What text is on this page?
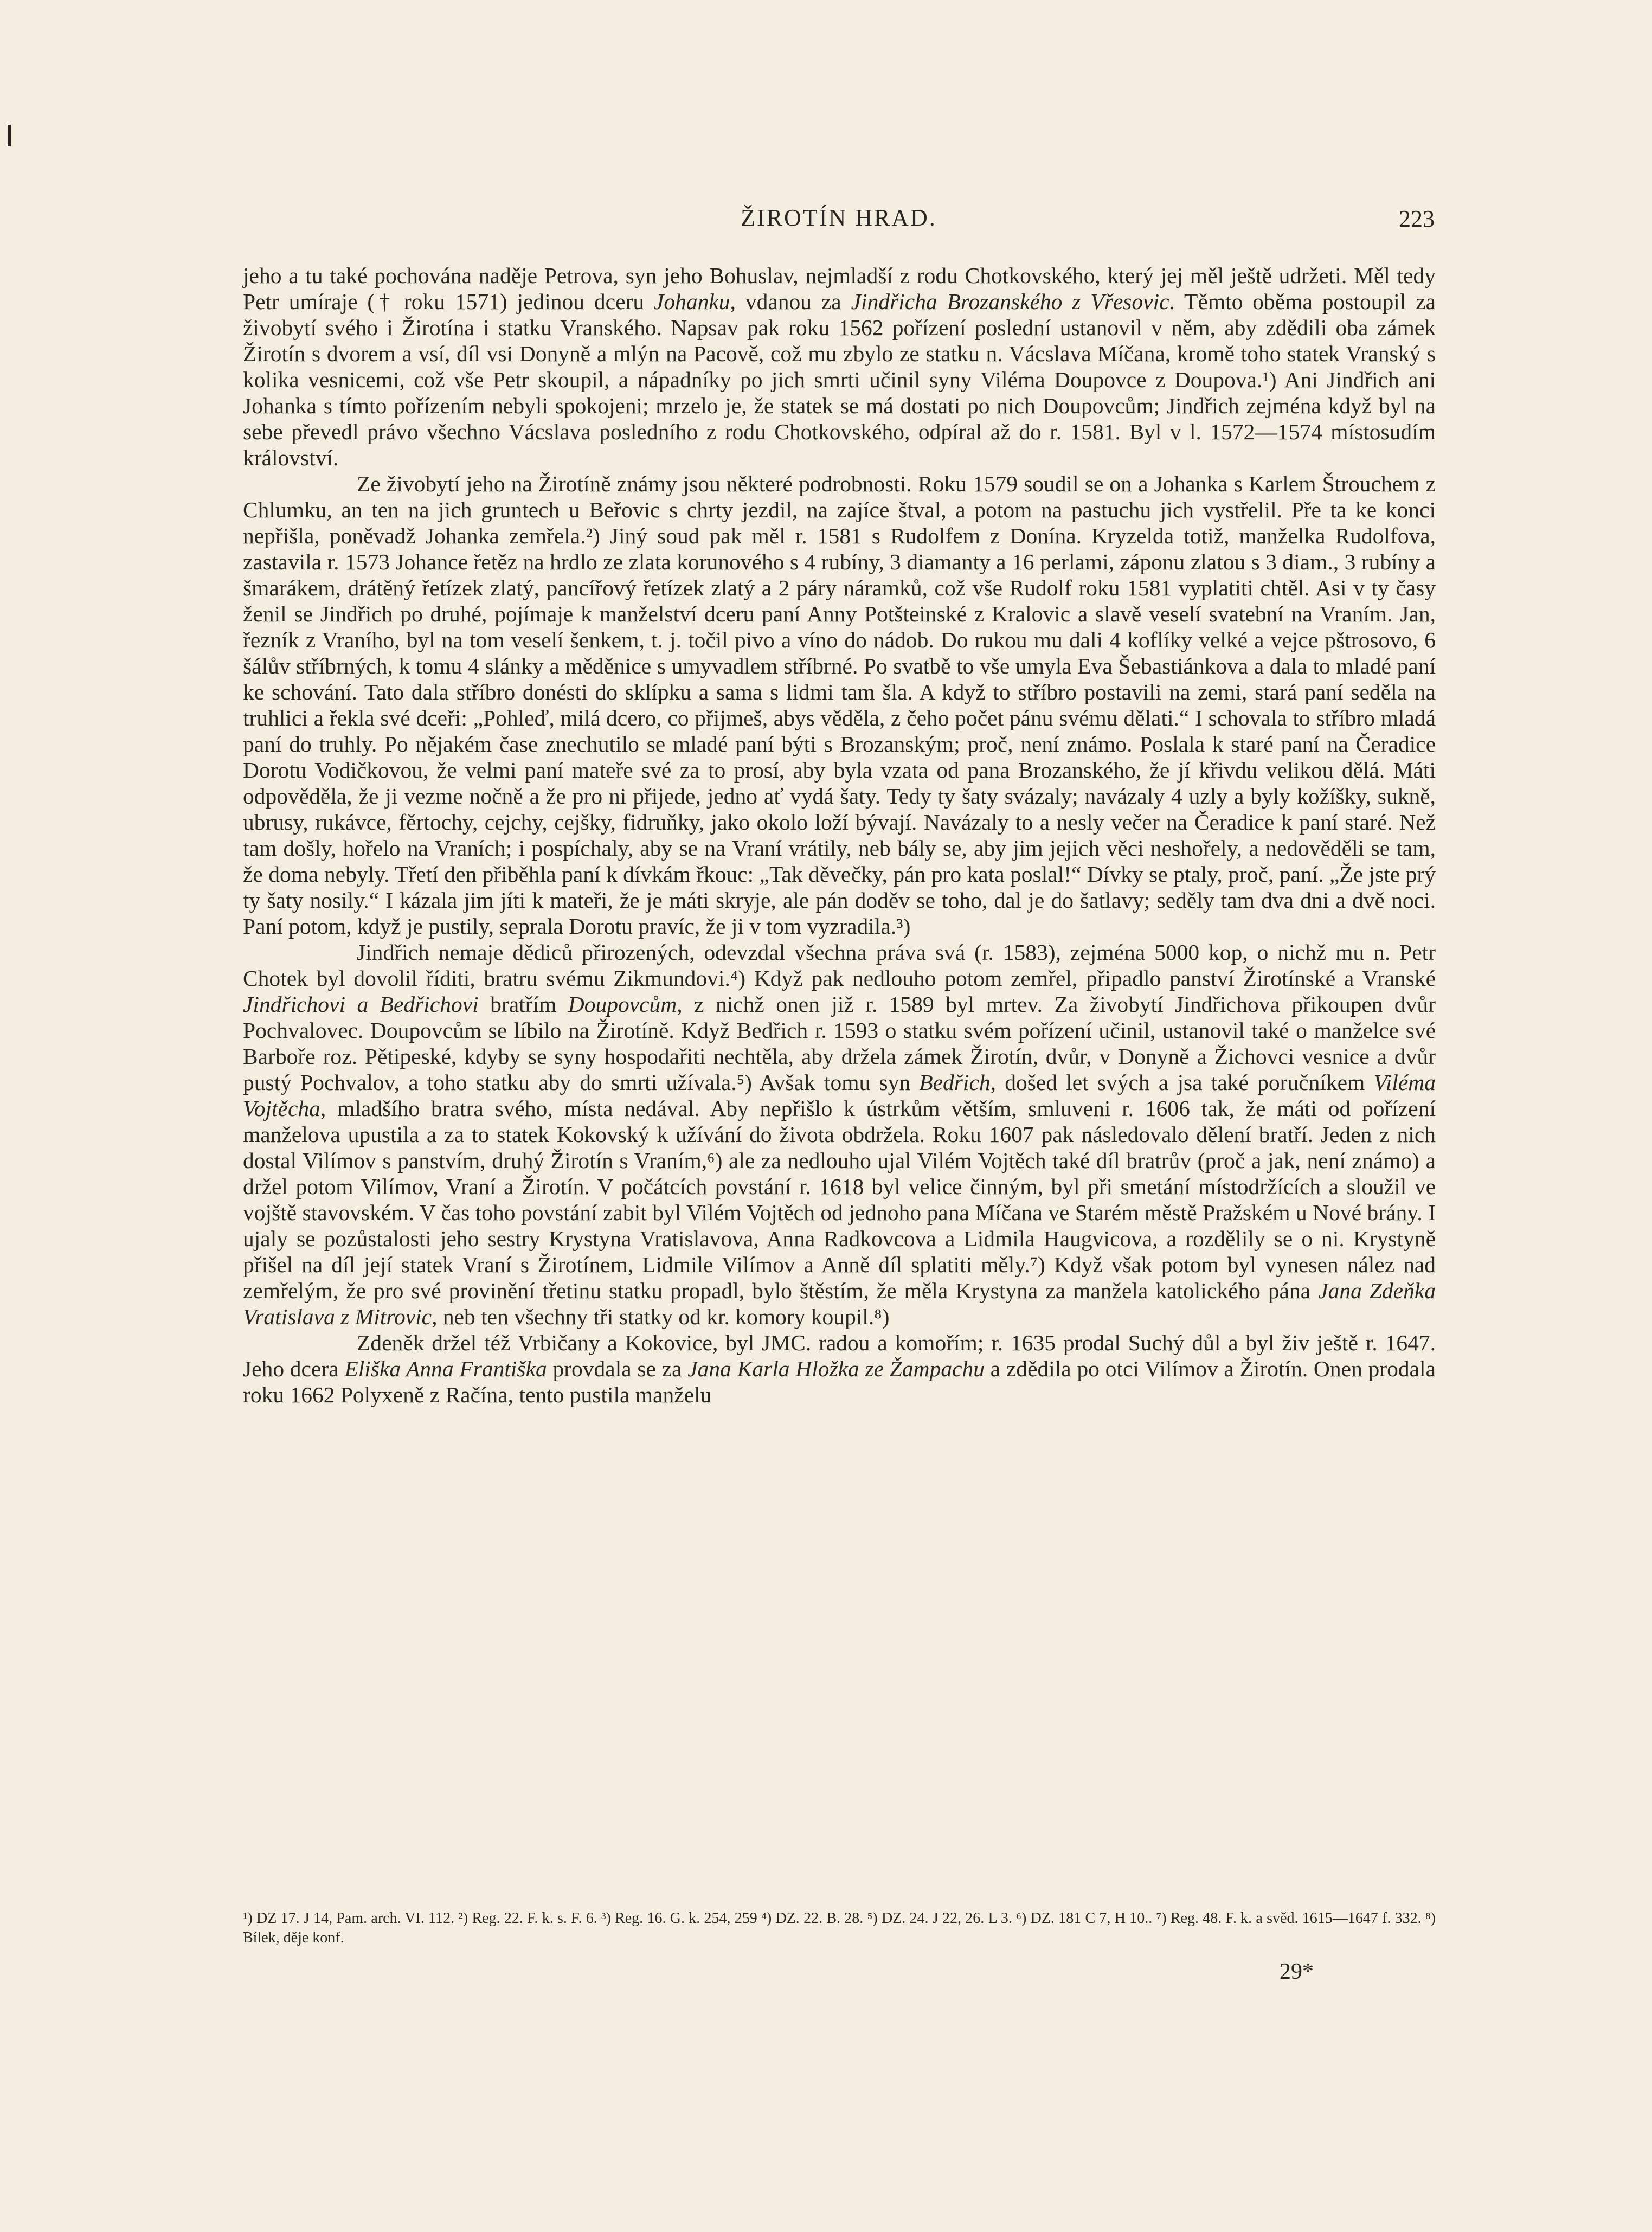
ŽIROTÍN HRAD.	223

jeho a tu také pochována naděje Petrova, syn jeho Bohuslav, nejmladší z rodu Chotkovského, který jej měl ještě udržeti. Měl tedy Petr umíraje († roku 1571) jedinou dceru Johanku, vdanou za Jindřicha Brozanského z Vřesovic. Těmto oběma postoupil za živobytí svého i Žirotína i statku Vranského. Napsav pak roku 1562 pořízení poslední ustanovil v něm, aby zdědili oba zámek Žirotín s dvorem a vsí, díl vsi Donyně a mlýn na Pacově, což mu zbylo ze statku n. Vácslava Míčana, kromě toho statek Vranský s kolika vesnicemi, což vše Petr skoupil, a nápadníky po jich smrti učinil syny Viléma Doupovce z Doupova.¹) Ani Jindřich ani Johanka s tímto pořízením nebyli spokojeni; mrzelo je, že statek se má dostati po nich Doupovcům; Jindřich zejména když byl na sebe převedl právo všechno Vácslava posledního z rodu Chotkovského, odpíral až do r. 1581. Byl v l. 1572—1574 místosudím království.

Ze živobytí jeho na Žirotíně známy jsou některé podrobnosti. Roku 1579 soudil se on a Johanka s Karlem Štrouchem z Chlumku, an ten na jich gruntech u Beřovic s chrty jezdil, na zajíce štval, a potom na pastuchu jich vystřelil. Pře ta ke konci nepřišla, poněvadž Johanka zemřela.²) Jiný soud pak měl r. 1581 s Rudolfem z Donína. Kryzelda totiž, manželka Rudolfova, zastavila r. 1573 Johance řetěz na hrdlo ze zlata korunového s 4 rubíny, 3 diamanty a 16 perlami, záponu zlatou s 3 diam., 3 rubíny a šmarákem, drátěný řetízek zlatý, pancířový řetízek zlatý a 2 páry náramků, což vše Rudolf roku 1581 vyplatiti chtěl. Asi v ty časy ženil se Jindřich po druhé, pojímaje k manželství dceru paní Anny Potšteinské z Kralovic a slavě veselí svatební na Vraním. Jan, řezník z Vraního, byl na tom veselí šenkem, t. j. točil pivo a víno do nádob. Do rukou mu dali 4 koflíky velké a vejce pštrosovo, 6 šálův stříbrných, k tomu 4 slánky a měděnice s umyvadlem stříbrné. Po svatbě to vše umyla Eva Šebastiánkova a dala to mladé paní ke schování. Tato dala stříbro donésti do sklípku a sama s lidmi tam šla. A když to stříbro postavili na zemi, stará paní seděla na truhlici a řekla své dceři: „Pohleď, milá dcero, co přijmeš, abys věděla, z čeho počet pánu svému dělati.“ I schovala to stříbro mladá paní do truhly. Po nějakém čase znechutilo se mladé paní býti s Brozanským; proč, není známo. Poslala k staré paní na Čeradice Dorotu Vodičkovou, že velmi paní mateře své za to prosí, aby byla vzata od pana Brozanského, že jí křivdu velikou dělá. Máti odpověděla, že ji vezme nočně a že pro ni přijede, jedno ať vydá šaty. Tedy ty šaty svázaly; navázaly 4 uzly a byly kožíšky, sukně, ubrusy, rukávce, fěrtochy, cejchy, cejšky, fidruňky, jako okolo loží bývají. Navázaly to a nesly večer na Čeradice k paní staré. Než tam došly, hořelo na Vraních; i pospíchaly, aby se na Vraní vrátily, neb bály se, aby jim jejich věci neshořely, a nedověděli se tam, že doma nebyly. Třetí den přiběhla paní k dívkám řkouc: „Tak děvečky, pán pro kata poslal!“ Dívky se ptaly, proč, paní. „Že jste prý ty šaty nosily.“ I kázala jim jíti k mateři, že je máti skryje, ale pán doděv se toho, dal je do šatlavy; seděly tam dva dni a dvě noci. Paní potom, když je pustily, seprala Dorotu pravíc, že ji v tom vyzradila.³)

Jindřich nemaje dědiců přirozených, odevzdal všechna práva svá (r. 1583), zejména 5000 kop, o nichž mu n. Petr Chotek byl dovolil říditi, bratru svému Zikmundovi.⁴) Když pak nedlouho potom zemřel, připadlo panství Žirotínské a Vranské Jindřichovi a Bedřichovi bratřím Doupovcům, z nichž onen již r. 1589 byl mrtev. Za živobytí Jindřichova přikoupen dvůr Pochvalovec. Doupovcům se líbilo na Žirotíně. Když Bedřich r. 1593 o statku svém pořízení učinil, ustanovil také o manželce své Barboře roz. Pětipeské, kdyby se syny hospodařiti nechtěla, aby držela zámek Žirotín, dvůr, v Donyně a Žichovci vesnice a dvůr pustý Pochvalov, a toho statku aby do smrti užívala.⁵) Avšak tomu syn Bedřich, došed let svých a jsa také poručníkem Viléma Vojtěcha, mladšího bratra svého, místa nedával. Aby nepřišlo k ústrkům větším, smluveni r. 1606 tak, že máti od pořízení manželova upustila a za to statek Kokovský k užívání do života obdržela. Roku 1607 pak následovalo dělení bratří. Jeden z nich dostal Vilímov s panstvím, druhý Žirotín s Vraním,⁶) ale za nedlouho ujal Vilém Vojtěch také díl bratrův (proč a jak, není známo) a držel potom Vilímov, Vraní a Žirotín. V počátcích povstání r. 1618 byl velice činným, byl při smetání místodržících a sloužil ve vojště stavovském. V čas toho povstání zabit byl Vilém Vojtěch od jednoho pana Míčana ve Starém městě Pražském u Nové brány. I ujaly se pozůstalosti jeho sestry Krystyna Vratislavova, Anna Radkovcova a Lidmila Haugvicova, a rozdělily se o ni. Krystyně přišel na díl její statek Vraní s Žirotínem, Lidmile Vilímov a Anně díl splatiti měly.⁷) Když však potom byl vynesen nález nad zemřelým, že pro své provinění třetinu statku propadl, bylo štěstím, že měla Krystyna za manžela katolického pána Jana Zdeňka Vratislava z Mitrovic, neb ten všechny tři statky od kr. komory koupil.⁸)

Zdeněk držel též Vrbičany a Kokovice, byl JMC. radou a komořím; r. 1635 prodal Suchý důl a byl živ ještě r. 1647. Jeho dcera Eliška Anna Františka provdala se za Jana Karla Hložka ze Žampachu a zdědila po otci Vilímov a Žirotín. Onen prodala roku 1662 Polyxeně z Račína, tento pustila manželu

¹) DZ 17. J 14, Pam. arch. VI. 112. ²) Reg. 22. F. k. s. F. 6. ³) Reg. 16. G. k. 254, 259 ⁴) DZ. 22. B. 28. ⁵) DZ. 24. J 22, 26. L 3. ⁶) DZ. 181 C 7, H 10.. ⁷) Reg. 48. F. k. a svěd. 1615—1647 f. 332. ⁸) Bílek, děje konf.
29*
